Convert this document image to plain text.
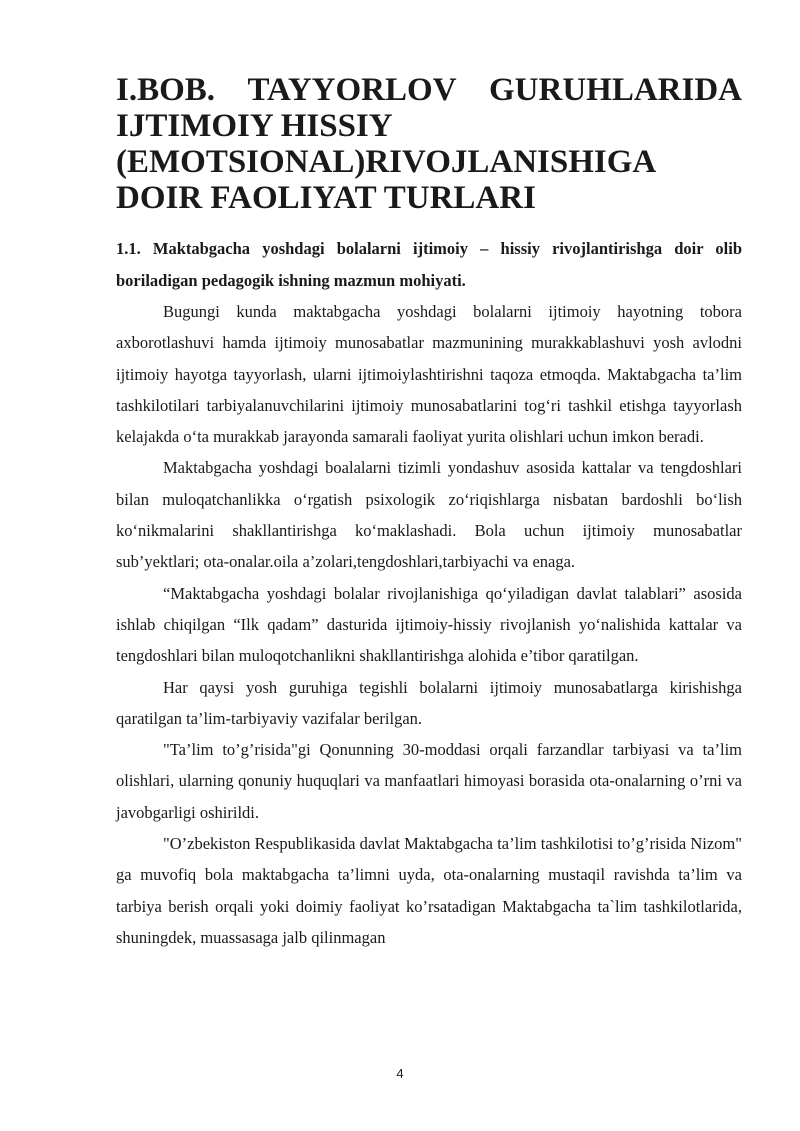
I.BOB. TAYYORLOV GURUHLARIDA IJTIMOIY HISSIY
(EMOTSIONAL)RIVOJLANISHIGA DOIR FAOLIYAT TURLARI

1.1. Maktabgacha yoshdagi bolalarni ijtimoiy – hissiy rivojlantirishga doir olib boriladigan pedagogik ishning mazmun mohiyati.

Bugungi kunda maktabgacha yoshdagi bolalarni ijtimoiy hayotning tobora axborotlashuvi hamda ijtimoiy munosabatlar mazmunining murakkablashuvi yosh avlodni ijtimoiy hayotga tayyorlash, ularni ijtimoiylashtirishni taqoza etmoqda. Maktabgacha ta’lim tashkilotilari tarbiyalanuvchilarini ijtimoiy munosabatlarini tog‘ri tashkil etishga tayyorlash kelajakda o‘ta murakkab jarayonda samarali faoliyat yurita olishlari uchun imkon beradi.

Maktabgacha yoshdagi boalalarni tizimli yondashuv asosida kattalar va tengdoshlari bilan muloqatchanlikka o‘rgatish psixologik zo‘riqishlarga nisbatan bardoshli bo‘lish ko‘nikmalarini shakllantirishga ko‘maklashadi. Bola uchun ijtimoiy munosabatlar sub’yektlari; ota-onalar.oila a’zolari,tengdoshlari,tarbiyachi va enaga.

“Maktabgacha yoshdagi bolalar rivojlanishiga qo‘yiladigan davlat talablari” asosida ishlab chiqilgan “Ilk qadam” dasturida ijtimoiy-hissiy rivojlanish yo‘nalishida kattalar va tengdoshlari bilan muloqotchanlikni shakllantirishga alohida e’tibor qaratilgan.

Har qaysi yosh guruhiga tegishli bolalarni ijtimoiy munosabatlarga kirishishga qaratilgan ta’lim-tarbiyaviy vazifalar berilgan.

"Ta’lim to’g’risida"gi Qonunning 30-moddasi orqali farzandlar tarbiyasi va ta’lim olishlari, ularning qonuniy huquqlari va manfaatlari himoyasi borasida ota-onalarning o’rni va javobgarligi oshirildi.

"O’zbekiston Respublikasida davlat Maktabgacha ta’lim tashkilotisi to’g’risida Nizom" ga muvofiq bola maktabgacha ta’limni uyda, ota-onalarning mustaqil ravishda ta’lim va tarbiya berish orqali yoki doimiy faoliyat ko’rsatadigan Maktabgacha ta`lim tashkilotlarida, shuningdek, muassasaga jalb qilinmagan

4
